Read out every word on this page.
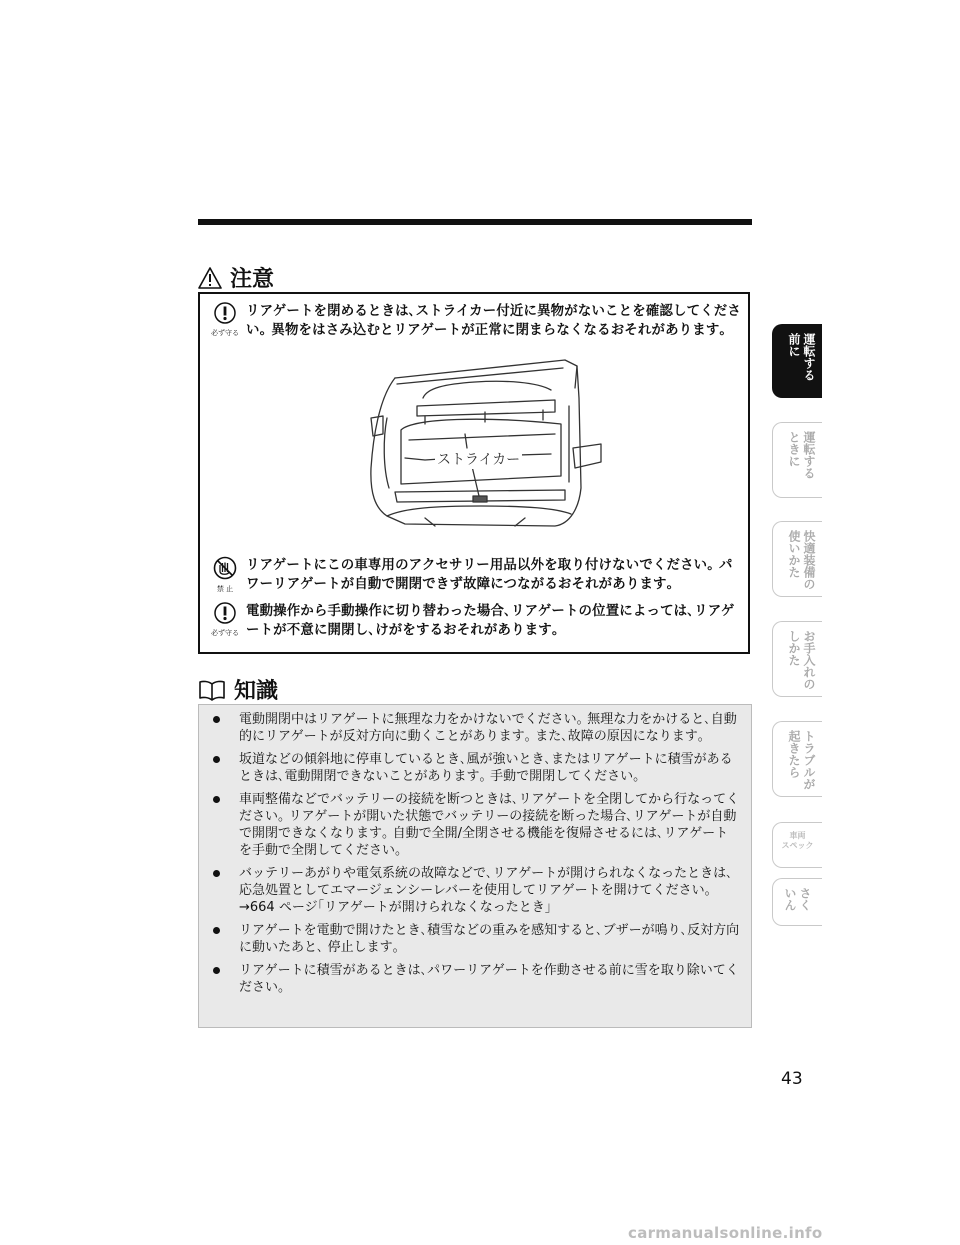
注意
必ず守る
リアゲートを閉めるときは､ストライカー付近に異物がないことを確認してください｡ 異物をはさみ込むとリアゲートが正常に閉まらなくなるおそれがあります｡
ストライカー
禁 止
リアゲートにこの車専用のアクセサリー用品以外を取り付けないでください｡ パワーリアゲートが自動で開閉できず故障につながるおそれがあります｡
必ず守る
電動操作から手動操作に切り替わった場合､リアゲートの位置によっては､リアゲートが不意に開閉し､けがをするおそれがあります｡
知識
電動開閉中はリアゲートに無理な力をかけないでください｡ 無理な力をかけると､自動的にリアゲートが反対方向に動くことがあります｡ また､故障の原因になります｡
坂道などの傾斜地に停車しているとき､風が強いとき､またはリアゲートに積雪があるときは､電動開閉できないことがあります｡ 手動で開閉してください｡
車両整備などでバッテリーの接続を断つときは､リアゲートを全閉してから行なってください｡ リアゲートが開いた状態でバッテリーの接続を断った場合､リアゲートが自動で開閉できなくなります｡ 自動で全開/全閉させる機能を復帰させるには､リアゲートを手動で全閉してください｡
バッテリーあがりや電気系統の故障などで､リアゲートが開けられなくなったときは､応急処置としてエマージェンシーレバーを使用してリアゲートを開けてください｡
→664 ページ｢リアゲートが開けられなくなったとき｣
リアゲートを電動で開けたとき､積雪などの重みを感知すると､ブザーが鳴り､反対方向に動いたあと､ 停止します｡
リアゲートに積雪があるときは､パワーリアゲートを作動させる前に雪を取り除いてください｡
運転する
前に
運転する
ときに
快適装備の
使いかた
お手入れの
しかた
トラブルが
起きたら
車両
スペック
さく
いん
43
carmanualsonline.info
